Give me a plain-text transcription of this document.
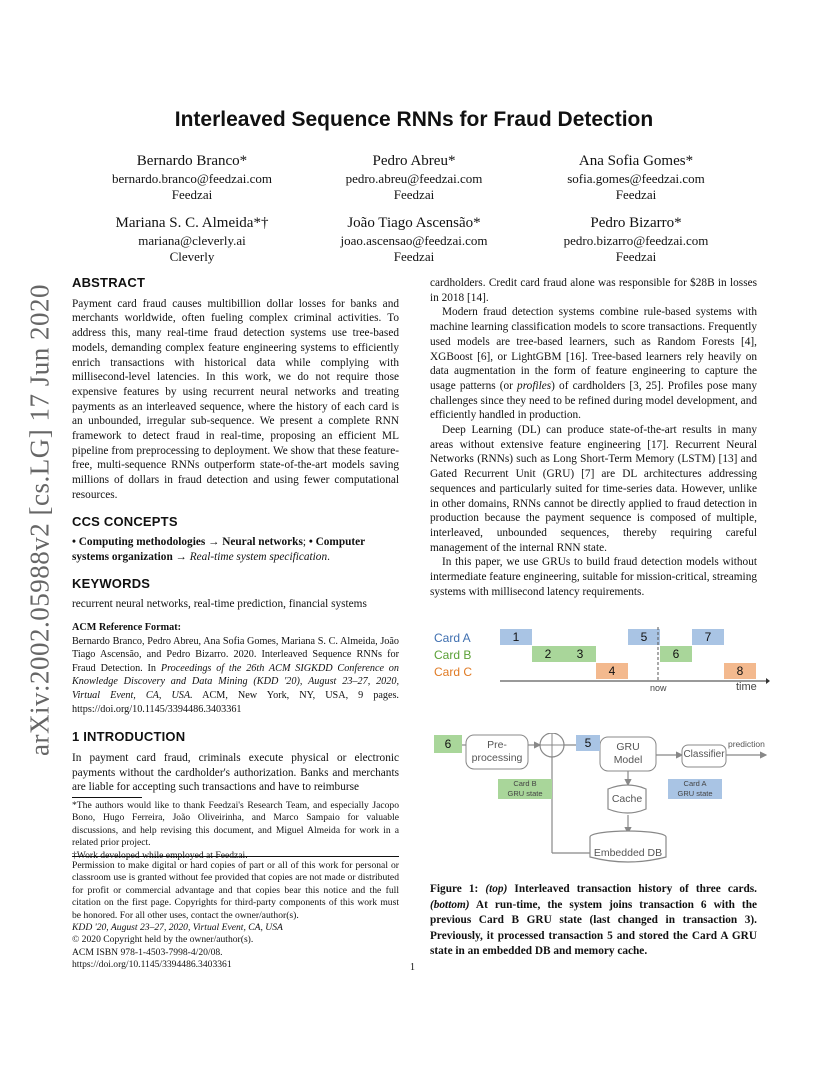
arXiv:2002.05988v2 [cs.LG] 17 Jun 2020
Interleaved Sequence RNNs for Fraud Detection
Bernardo Branco*
bernardo.branco@feedzai.com
Feedzai
Pedro Abreu*
pedro.abreu@feedzai.com
Feedzai
Ana Sofia Gomes*
sofia.gomes@feedzai.com
Feedzai
Mariana S. C. Almeida*†
mariana@cleverly.ai
Cleverly
João Tiago Ascensão*
joao.ascensao@feedzai.com
Feedzai
Pedro Bizarro*
pedro.bizarro@feedzai.com
Feedzai
ABSTRACT

Payment card fraud causes multibillion dollar losses for banks and merchants worldwide, often fueling complex criminal activities. To address this, many real-time fraud detection systems use tree-based models, demanding complex feature engineering systems to efficiently enrich transactions with historical data while complying with millisecond-level latencies. In this work, we do not require those expensive features by using recurrent neural networks and treating payments as an interleaved sequence, where the history of each card is an unbounded, irregular sub-sequence. We present a complete RNN framework to detect fraud in real-time, proposing an efficient ML pipeline from preprocessing to deployment. We show that these feature-free, multi-sequence RNNs outperform state-of-the-art models saving millions of dollars in fraud detection and using fewer computational resources.

CCS CONCEPTS

• Computing methodologies → Neural networks; • Computer systems organization → Real-time system specification.

KEYWORDS

recurrent neural networks, real-time prediction, financial systems

ACM Reference Format:
Bernardo Branco, Pedro Abreu, Ana Sofia Gomes, Mariana S. C. Almeida, João Tiago Ascensão, and Pedro Bizarro. 2020. Interleaved Sequence RNNs for Fraud Detection. In Proceedings of the 26th ACM SIGKDD Conference on Knowledge Discovery and Data Mining (KDD '20), August 23–27, 2020, Virtual Event, CA, USA. ACM, New York, NY, USA, 9 pages. https://doi.org/10.1145/3394486.3403361
1 INTRODUCTION

In payment card fraud, criminals execute physical or electronic payments without the cardholder's authorization. Banks and merchants are liable for accepting such transactions and have to reimburse

*The authors would like to thank Feedzai's Research Team, and especially Jacopo Bono, Hugo Ferreira, João Oliveirinha, and Marco Sampaio for valuable discussions, and help revising this document, and Miguel Almeida for work in a related prior project.
†Work developed while employed at Feedzai.
Permission to make digital or hard copies of part or all of this work for personal or classroom use is granted without fee provided that copies are not made or distributed for profit or commercial advantage and that copies bear this notice and the full citation on the first page. Copyrights for third-party components of this work must be honored. For all other uses, contact the owner/author(s).
KDD '20, August 23–27, 2020, Virtual Event, CA, USA
© 2020 Copyright held by the owner/author(s).
ACM ISBN 978-1-4503-7998-4/20/08.
https://doi.org/10.1145/3394486.3403361

cardholders. Credit card fraud alone was responsible for $28B in losses in 2018 [14].

Modern fraud detection systems combine rule-based systems with machine learning classification models to score transactions. Frequently used models are tree-based learners, such as Random Forests [4], XGBoost [6], or LightGBM [16]. Tree-based learners rely heavily on data augmentation in the form of feature engineering to capture the usage patterns (or profiles) of cardholders [3, 25]. Profiles pose many challenges since they need to be refined during model development, and efficiently handled in production.

Deep Learning (DL) can produce state-of-the-art results in many areas without extensive feature engineering [17]. Recurrent Neural Networks (RNNs) such as Long Short-Term Memory (LSTM) [13] and Gated Recurrent Unit (GRU) [7] are DL architectures addressing sequences and particularly suited for time-series data. However, unlike in other domains, RNNs cannot be directly applied to fraud detection in production because the payment sequence is composed of multiple, interleaved, unbounded sequences, thereby requiring careful management of the internal RNN state.

In this paper, we use GRUs to build fraud detection models without intermediate feature engineering, suitable for mission-critical, streaming systems with millisecond latency requirements.

Card A
Card B
Card C
1
2	3
4
5
6
7
8
now	time
6	Pre-
processing
5	GRU
Model	Classifier
prediction
Card B
GRU state
Card A
GRU state
Cache
Embedded DB
Figure 1: (top) Interleaved transaction history of three cards. (bottom) At run-time, the system joins transaction 6 with the previous Card B GRU state (last changed in transaction 3). Previously, it processed transaction 5 and stored the Card A GRU state in an embedded DB and memory cache.
1
